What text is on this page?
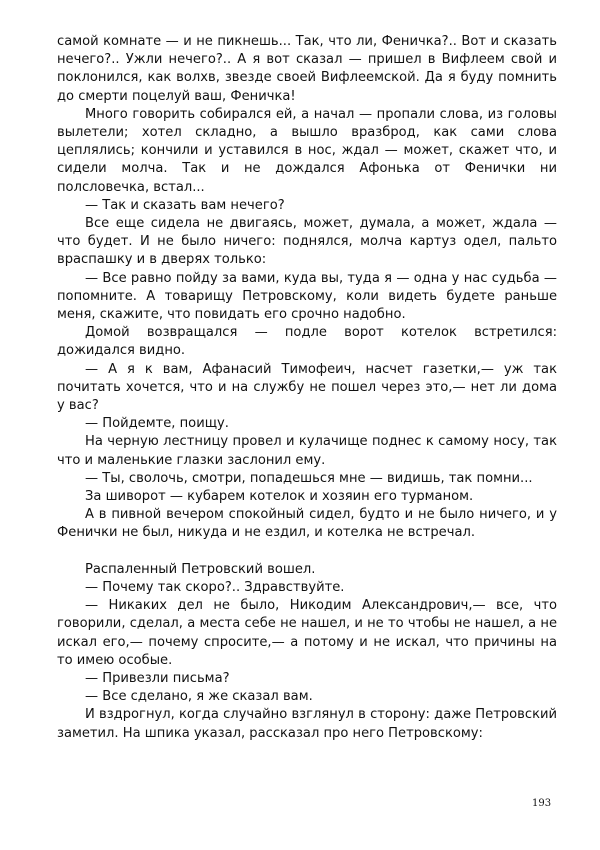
самой комнате — и не пикнешь... Так, что ли, Феничка?.. Вот и сказать нечего?.. Ужли нечего?.. А я вот сказал — пришел в Вифлеем свой и поклонился, как волхв, звезде своей Вифлеемской. Да я буду помнить до смерти поцелуй ваш, Феничка!

Много говорить собирался ей, а начал — пропали слова, из головы вылетели; хотел складно, а вышло вразброд, как сами слова цеплялись; кончили и уставился в нос, ждал — может, скажет что, и сидели молча. Так и не дождался Афонька от Фенички ни полсловечка, встал...

— Так и сказать вам нечего?

Все еще сидела не двигаясь, может, думала, а может, ждала — что будет. И не было ничего: поднялся, молча картуз одел, пальто враспашку и в дверях только:

— Все равно пойду за вами, куда вы, туда я — одна у нас судьба — попомните. А товарищу Петровскому, коли видеть будете раньше меня, скажите, что повидать его срочно надобно.

Домой возвращался — подле ворот котелок встретился: дожидался видно.

— А я к вам, Афанасий Тимофеич, насчет газетки,— уж так почитать хочется, что и на службу не пошел через это,— нет ли дома у вас?

— Пойдемте, поищу.

На черную лестницу провел и кулачище поднес к самому носу, так что и маленькие глазки заслонил ему.

— Ты, сволочь, смотри, попадешься мне — видишь, так помни...

За шиворот — кубарем котелок и хозяин его турманом.

А в пивной вечером спокойный сидел, будто и не было ничего, и у Фенички не был, никуда и не ездил, и котелка не встречал.

Распаленный Петровский вошел.

— Почему так скоро?.. Здравствуйте.

— Никаких дел не было, Никодим Александрович,— все, что говорили, сделал, а места себе не нашел, и не то чтобы не нашел, а не искал его,— почему спросите,— а потому и не искал, что причины на то имею особые.

— Привезли письма?

— Все сделано, я же сказал вам.

И вздрогнул, когда случайно взглянул в сторону: даже Петровский заметил. На шпика указал, рассказал про него Петровскому:

193
